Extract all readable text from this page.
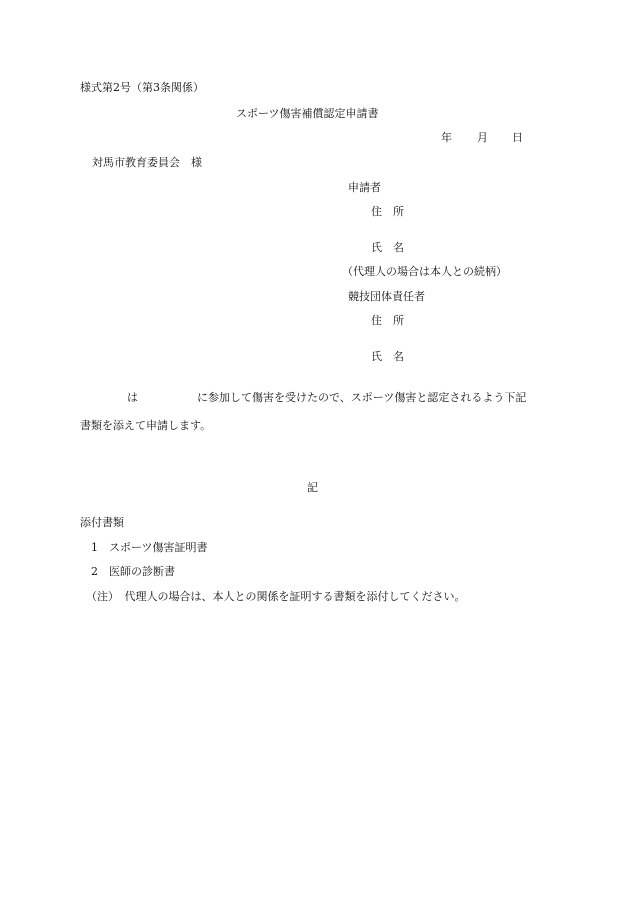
様式第2号（第3条関係）

スポーツ傷害補償認定申請書

年 月 日

対馬市教育委員会　様

申請者

住　所

氏　名

（代理人の場合は本人との続柄）

競技団体責任者

住　所

氏　名

は	に参加して傷害を受けたので、スポーツ傷害と認定されるよう下記

書類を添えて申請します。

記

添付書類

1　スポーツ傷害証明書

2　医師の診断書

（注）　代理人の場合は、本人との関係を証明する書類を添付してください。
